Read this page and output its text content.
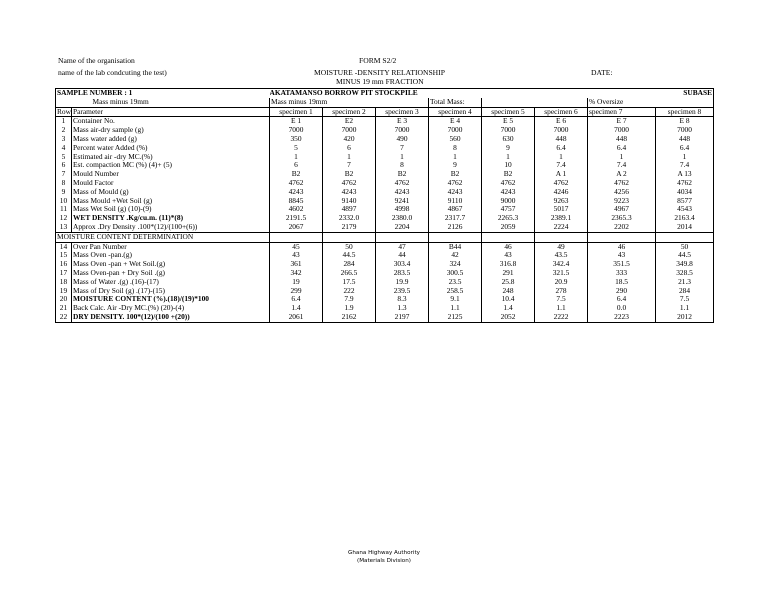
Name of the organisation
name of the lab condcuting the test)
FORM S2/2
MOISTURE -DENSITY RELATIONSHIP
MINUS 19 mm FRACTION
DATE:
SAMPLE NUMBER : 1		AKATAMANSO BORROW PIT STOCKPILE							SUBASE
	Mass minus 19mm	Mass minus 19mm			Total Mass:			% Oversize	
Row	Parameter	specimen 1	specimen 2	specimen 3	specimen 4	specimen 5	specimen 6	specimen 7	specimen 8
1	Container No.	E 1	E2	E 3	E 4	E 5	E 6	E 7	E 8
2	Mass air-dry sample (g)	7000	7000	7000	7000	7000	7000	7000	7000
3	Mass water added (g)	350	420	490	560	630	448	448	448
4	Percent water Added (%)	5	6	7	8	9	6.4	6.4	6.4
5	Estimated air -dry MC.(%)	1	1	1	1	1	1	1	1
6	Est. compaction MC (%) (4)+ (5)	6	7	8	9	10	7.4	7.4	7.4
7	Mould Number	B2	B2	B2	B2	B2	A 1	A 2	A 13
8	Mould Factor	4762	4762	4762	4762	4762	4762	4762	4762
9	Mass of Mould (g)	4243	4243	4243	4243	4243	4246	4256	4034
10	Mass Mould +Wet Soil (g)	8845	9140	9241	9110	9000	9263	9223	8577
11	Mass Wet Soil (g) (10)-(9)	4602	4897	4998	4867	4757	5017	4967	4543
12	WET DENSITY .Kg/cu.m. (11)*(8)	2191.5	2332.0	2380.0	2317.7	2265.3	2389.1	2365.3	2163.4
13	Approx .Dry Density .100*(12)/(100+(6))	2067	2179	2204	2126	2059	2224	2202	2014
MOISTURE CONTENT DETERMINATION									
14	Over Pan Number	45	50	47	B44	46	49	46	50
15	Mass Oven -pan.(g)	43	44.5	44	42	43	43.5	43	44.5
16	Mass Oven -pan + Wet Soil.(g)	361	284	303.4	324	316.8	342.4	351.5	349.8
17	Mass Oven-pan + Dry Soil .(g)	342	266.5	283.5	300.5	291	321.5	333	328.5
18	Mass of Water .(g) .(16)-(17)	19	17.5	19.9	23.5	25.8	20.9	18.5	21.3
19	Mass of Dry Soil (g) .(17)-(15)	299	222	239.5	258.5	248	278	290	284
20	MOISTURE CONTENT (%).(18)/(19)*100	6.4	7.9	8.3	9.1	10.4	7.5	6.4	7.5
21	Back Calc. Air -Dry MC.(%) (20)-(4)	1.4	1.9	1.3	1.1	1.4	1.1	0.0	1.1
22	DRY DENSITY. 100*(12)/(100 +(20))	2061	2162	2197	2125	2052	2222	2223	2012
Ghana Highway Authority
(Materials Division)
